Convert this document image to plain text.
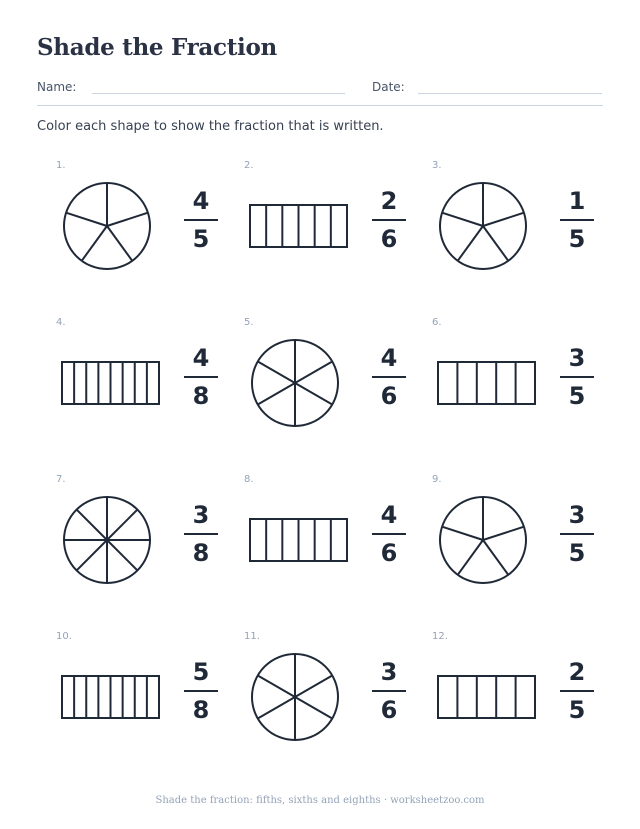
Shade the Fraction
Name:	Date:
Color each shape to show the fraction that is written.
1.
4
5
2.
2
6
3.
1
5
4.
4
8
5.
4
6
6.
3
5
7.
3
8
8.
4
6
9.
3
5
10.
5
8
11.
3
6
12.
2
5
Shade the fraction: fifths, sixths and eighths · worksheetzoo.com
